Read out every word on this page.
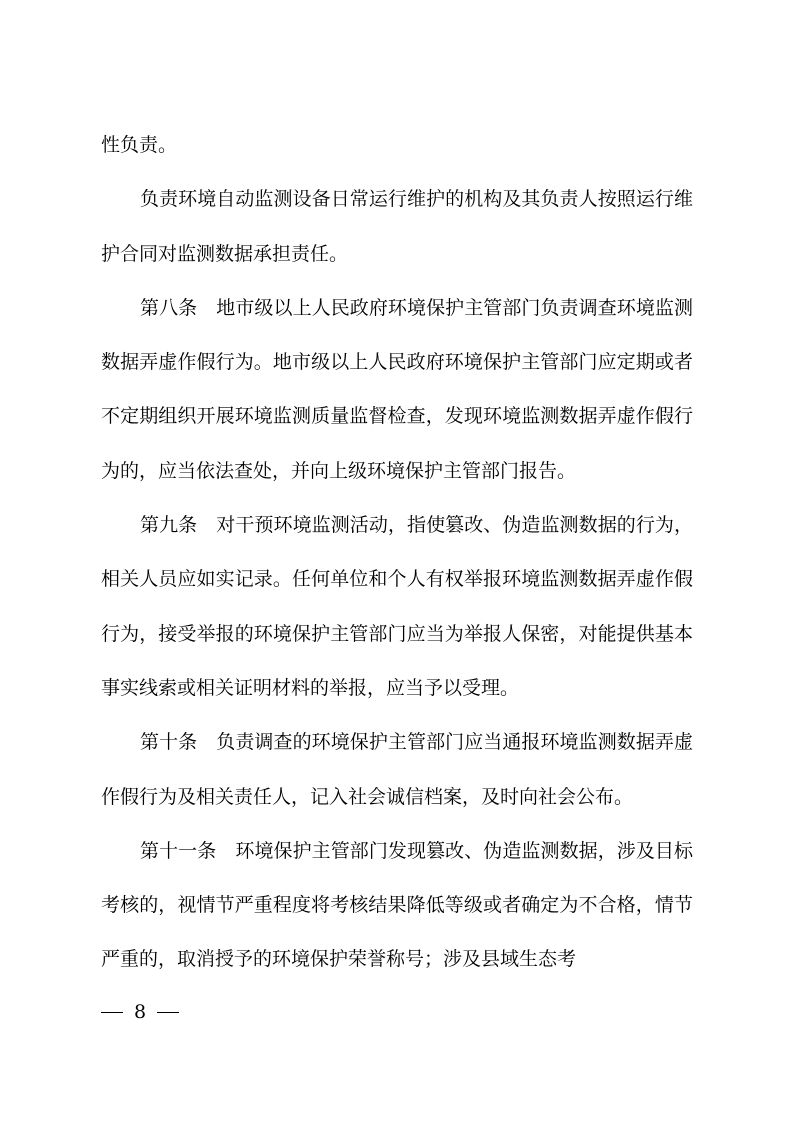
性负责。

负责环境自动监测设备日常运行维护的机构及其负责人按照运行维护合同对监测数据承担责任。

第八条 地市级以上人民政府环境保护主管部门负责调查环境监测数据弄虚作假行为。地市级以上人民政府环境保护主管部门应定期或者不定期组织开展环境监测质量监督检查，发现环境监测数据弄虚作假行为的，应当依法查处，并向上级环境保护主管部门报告。

第九条 对干预环境监测活动，指使篡改、伪造监测数据的行为，相关人员应如实记录。任何单位和个人有权举报环境监测数据弄虚作假行为，接受举报的环境保护主管部门应当为举报人保密，对能提供基本事实线索或相关证明材料的举报，应当予以受理。

第十条 负责调查的环境保护主管部门应当通报环境监测数据弄虚作假行为及相关责任人，记入社会诚信档案，及时向社会公布。

第十一条 环境保护主管部门发现篡改、伪造监测数据，涉及目标考核的，视情节严重程度将考核结果降低等级或者确定为不合格，情节严重的，取消授予的环境保护荣誉称号；涉及县域生态考

8
